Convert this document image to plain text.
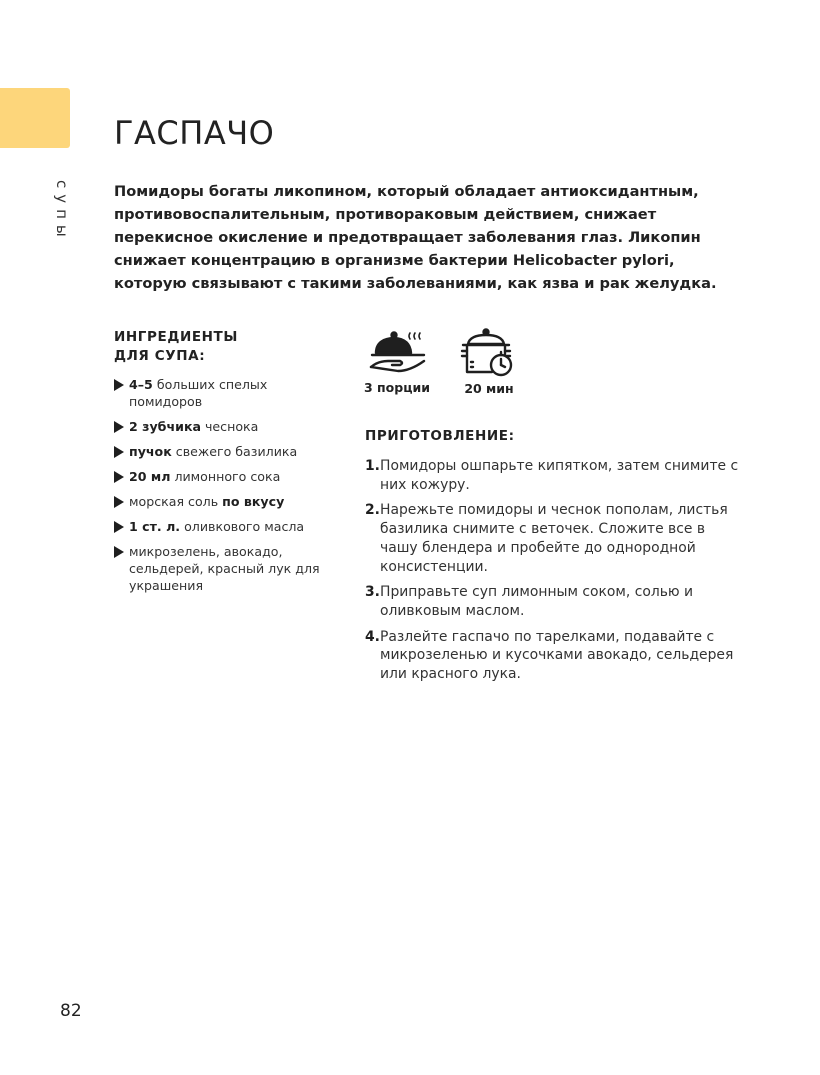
супы
ГАСПАЧО

Помидоры богаты ликопином, который обладает антиоксидантным, противовоспалительным, противораковым действием, снижает перекисное окисление и предотвращает заболевания глаз. Ликопин снижает концентрацию в организме бактерии Helicobacter pylori, которую связывают с такими заболеваниями, как язва и рак желудка.

ИНГРЕДИЕНТЫ
ДЛЯ СУПА:
4–5 больших спелых помидоров
2 зубчика чеснока
пучок свежего базилика
20 мл лимонного сока
морская соль по вкусу
1 ст. л. оливкового масла
микрозелень, авокадо, сельдерей, красный лук для украшения
3 порции	20 мин
ПРИГОТОВЛЕНИЕ:
1. Помидоры ошпарьте кипятком, затем снимите с них кожуру.
2. Нарежьте помидоры и чеснок пополам, листья базилика снимите с веточек. Сложите все в чашу блендера и пробейте до однородной консистенции.
3. Приправьте суп лимонным соком, солью и оливковым маслом.
4. Разлейте гаспачо по тарелками, подавайте с микрозеленью и кусочками авокадо, сельдерея или красного лука.
82
